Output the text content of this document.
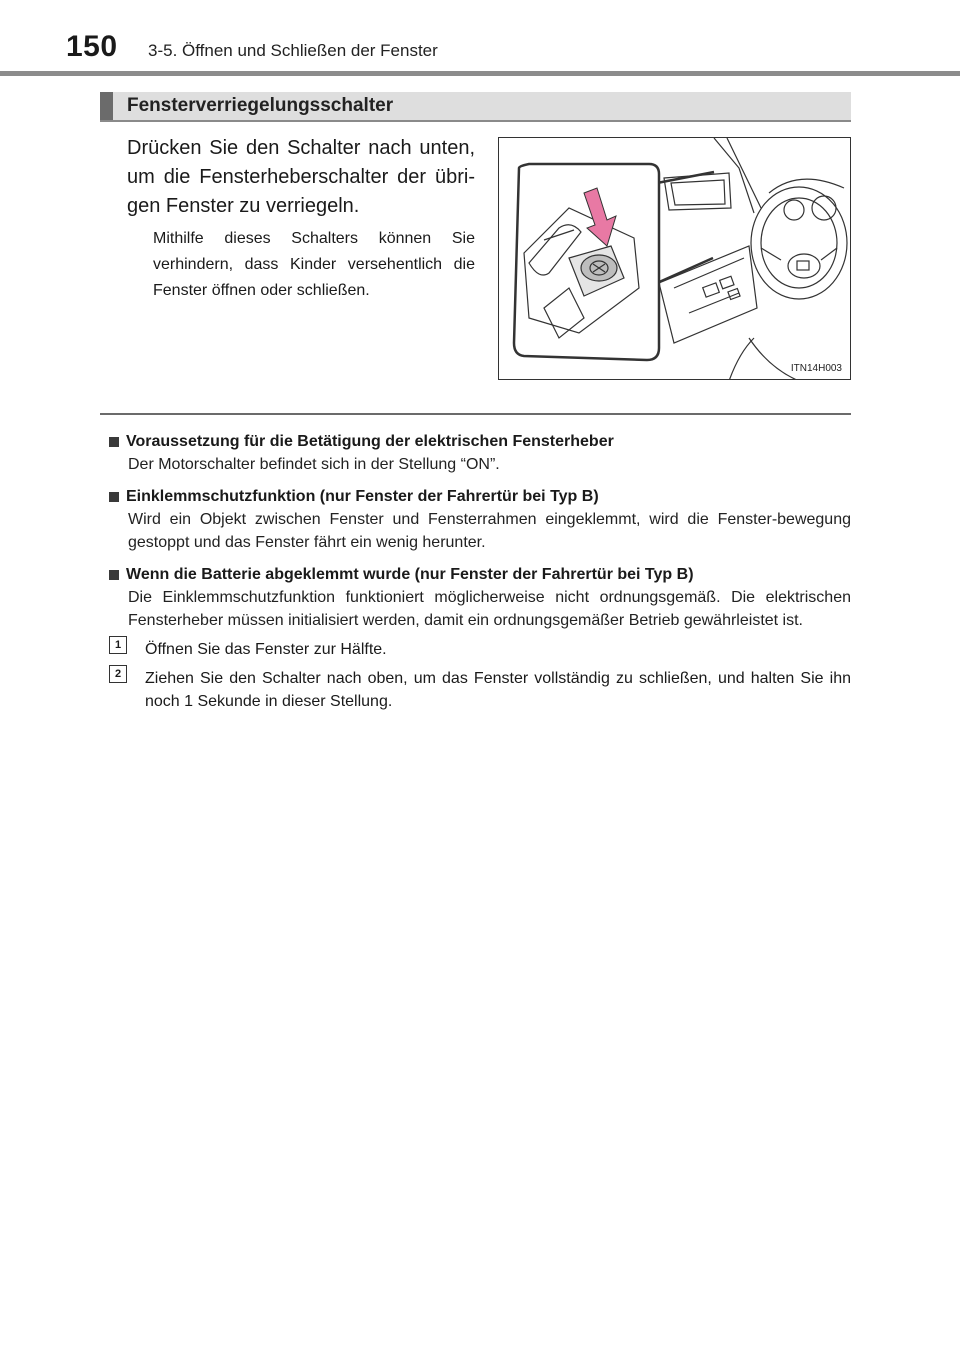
150 3-5. Öffnen und Schließen der Fenster
Fensterverriegelungsschalter
Drücken Sie den Schalter nach unten, um die Fensterheberschalter der übri-gen Fenster zu verriegeln.
Mithilfe dieses Schalters können Sie verhindern, dass Kinder versehentlich die Fenster öffnen oder schließen.
ITN14H003
Voraussetzung für die Betätigung der elektrischen Fensterheber
Der Motorschalter befindet sich in der Stellung “ON”.
Einklemmschutzfunktion (nur Fenster der Fahrertür bei Typ B)
Wird ein Objekt zwischen Fenster und Fensterrahmen eingeklemmt, wird die Fenster-bewegung gestoppt und das Fenster fährt ein wenig herunter.
Wenn die Batterie abgeklemmt wurde (nur Fenster der Fahrertür bei Typ B)
Die Einklemmschutzfunktion funktioniert möglicherweise nicht ordnungsgemäß. Die elektrischen Fensterheber müssen initialisiert werden, damit ein ordnungsgemäßer Betrieb gewährleistet ist.
1	Öffnen Sie das Fenster zur Hälfte.
2	Ziehen Sie den Schalter nach oben, um das Fenster vollständig zu schließen, und halten Sie ihn noch 1 Sekunde in dieser Stellung.
